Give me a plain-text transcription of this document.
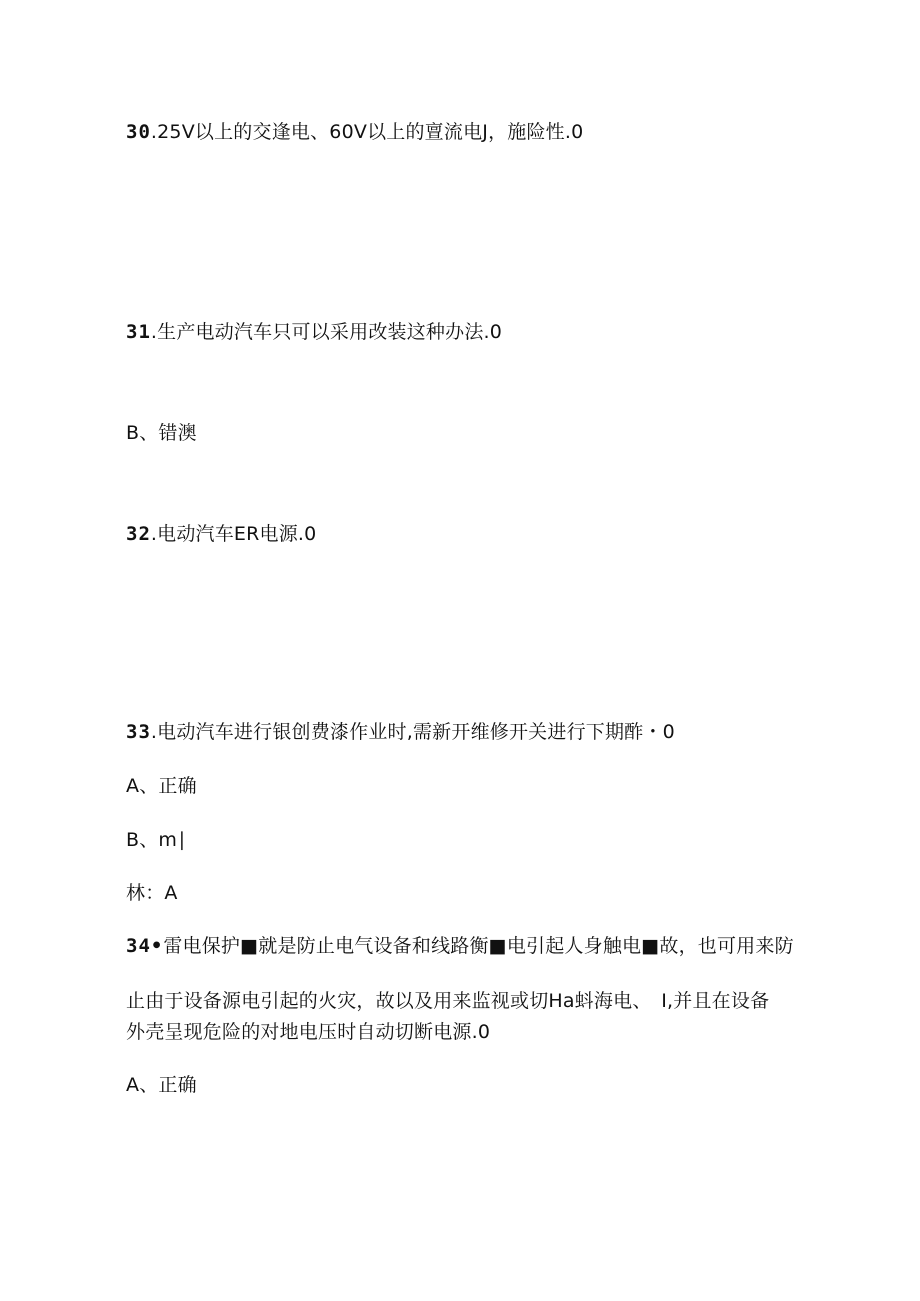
30.25V以上的交逢电、60V以上的亶流电J，施险性.0
31.生产电动汽车只可以采用改装这种办法.0
B、错澳
32.电动汽车ER电源.0
33.电动汽车进行银创费漆作业时,需新开维修开关进行下期酢・0
A、正确
B、m∣
林：A
34•雷电保护■就是防止电气设备和线路衡■电引起人身触电■故，也可用来防
止由于设备源电引起的火灾，故以及用来监视或切Ha蚪海电、　I,并且在设备
外壳呈现危险的对地电压时自动切断电源.0
A、正确
